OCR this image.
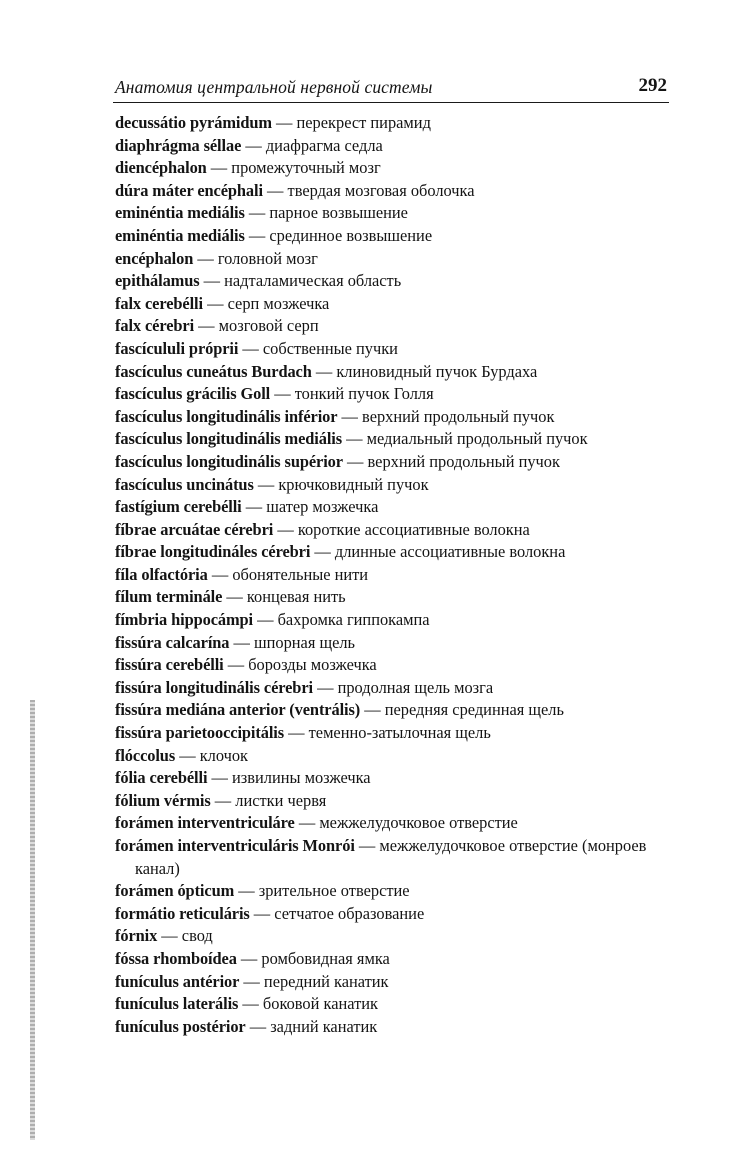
Анатомия центральной нервной системы	292
decussátio pyrámidum — перекрест пирамид
diaphrágma séllae — диафрагма седла
diencéphalon — промежуточный мозг
dúra máter encéphali — твердая мозговая оболочка
eminéntia mediális — парное возвышение
eminéntia mediális — срединное возвышение
encéphalon — головной мозг
epithálamus — надталамическая область
falx cerebélli — серп мозжечка
falx cérebri — мозговой серп
fascícululi próprii — собственные пучки
fascículus cuneátus Burdach — клиновидный пучок Бурдаха
fascículus grácilis Goll — тонкий пучок Голля
fascículus longitudinális inférior — верхний продольный пучок
fascículus longitudinális mediális — медиальный продольный пучок
fascículus longitudinális supérior — верхний продольный пучок
fascículus uncinátus — крючковидный пучок
fastígium cerebélli — шатер мозжечка
fíbrae arcuátae cérebri — короткие ассоциативные волокна
fíbrae longitudináles cérebri — длинные ассоциативные волокна
fíla olfactória — обонятельные нити
fílum terminále — концевая нить
fímbria hippocámpi — бахромка гиппокампа
fissúra calcarína — шпорная щель
fissúra cerebélli — борозды мозжечка
fissúra longitudinális cérebri — продолная щель мозга
fissúra mediána anterior (ventrális) — передняя срединная щель
fissúra parietooccipitális — теменно-затылочная щель
flóccolus — клочок
fólia cerebélli — извилины мозжечка
fólium vérmis — листки червя
forámen interventriculáre — межжелудочковое отверстие
forámen interventriculáris Monrói — межжелудочковое отверстие (монроев канал)
forámen ópticum — зрительное отверстие
formátio reticuláris — сетчатое образование
fórnix — свод
fóssa rhomboídea — ромбовидная ямка
funículus antérior — передний канатик
funículus laterális — боковой канатик
funículus postérior — задний канатик
